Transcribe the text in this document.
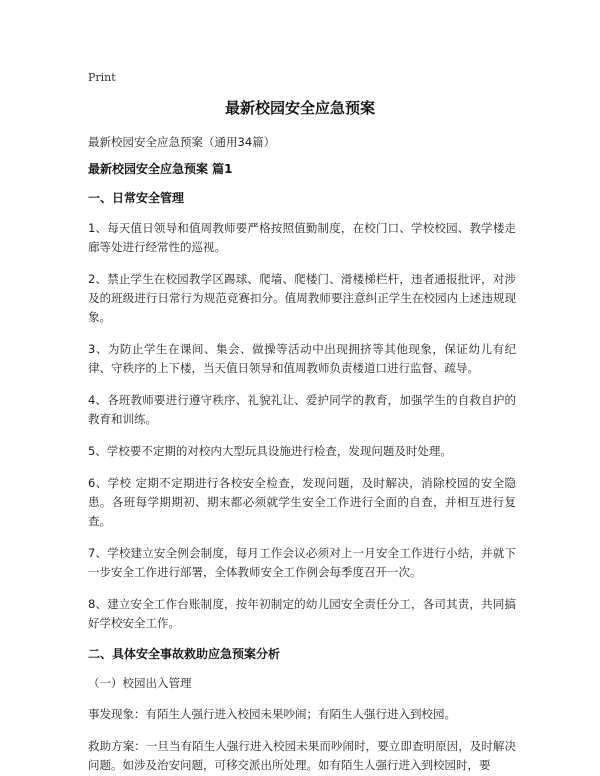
Print
最新校园安全应急预案
最新校园安全应急预案（通用34篇）
最新校园安全应急预案 篇1
一、日常安全管理

1、每天值日领导和值周教师要严格按照值勤制度，在校门口、学校校园、教学楼走廊等处进行经常性的巡视。

2、禁止学生在校园教学区踢球、爬墙、爬楼门、滑楼梯栏杆，违者通报批评，对涉及的班级进行日常行为规范竞赛扣分。值周教师要注意纠正学生在校园内上述违规现象。

3、为防止学生在课间、集会、做操等活动中出现拥挤等其他现象，保证幼儿有纪律、守秩序的上下楼，当天值日领导和值周教师负责楼道口进行监督、疏导。

4、各班教师要进行遵守秩序、礼貌礼让、爱护同学的教育，加强学生的自救自护的教育和训练。

5、学校要不定期的对校内大型玩具设施进行检查，发现问题及时处理。

6、学校 定期不定期进行各校安全检查，发现问题，及时解决，消除校园的安全隐患。各班每学期期初、期末都必须就学生安全工作进行全面的自查，并相互进行复查。

7、学校建立安全例会制度，每月工作会议必须对上一月安全工作进行小结，并就下一步安全工作进行部署，全体教师安全工作例会每季度召开一次。

8、建立安全工作台账制度，按年初制定的幼儿园安全责任分工，各司其责，共同搞好学校安全工作。

二、具体安全事故救助应急预案分析
（一）校园出入管理

事发现象：有陌生人强行进入校园未果吵闹；有陌生人强行进入到校园。

救助方案：一旦当有陌生人强行进入校园未果而吵闹时，要立即查明原因，及时解决问题。如涉及治安问题，可移交派出所处理。如有陌生人强行进入到校园时，要
